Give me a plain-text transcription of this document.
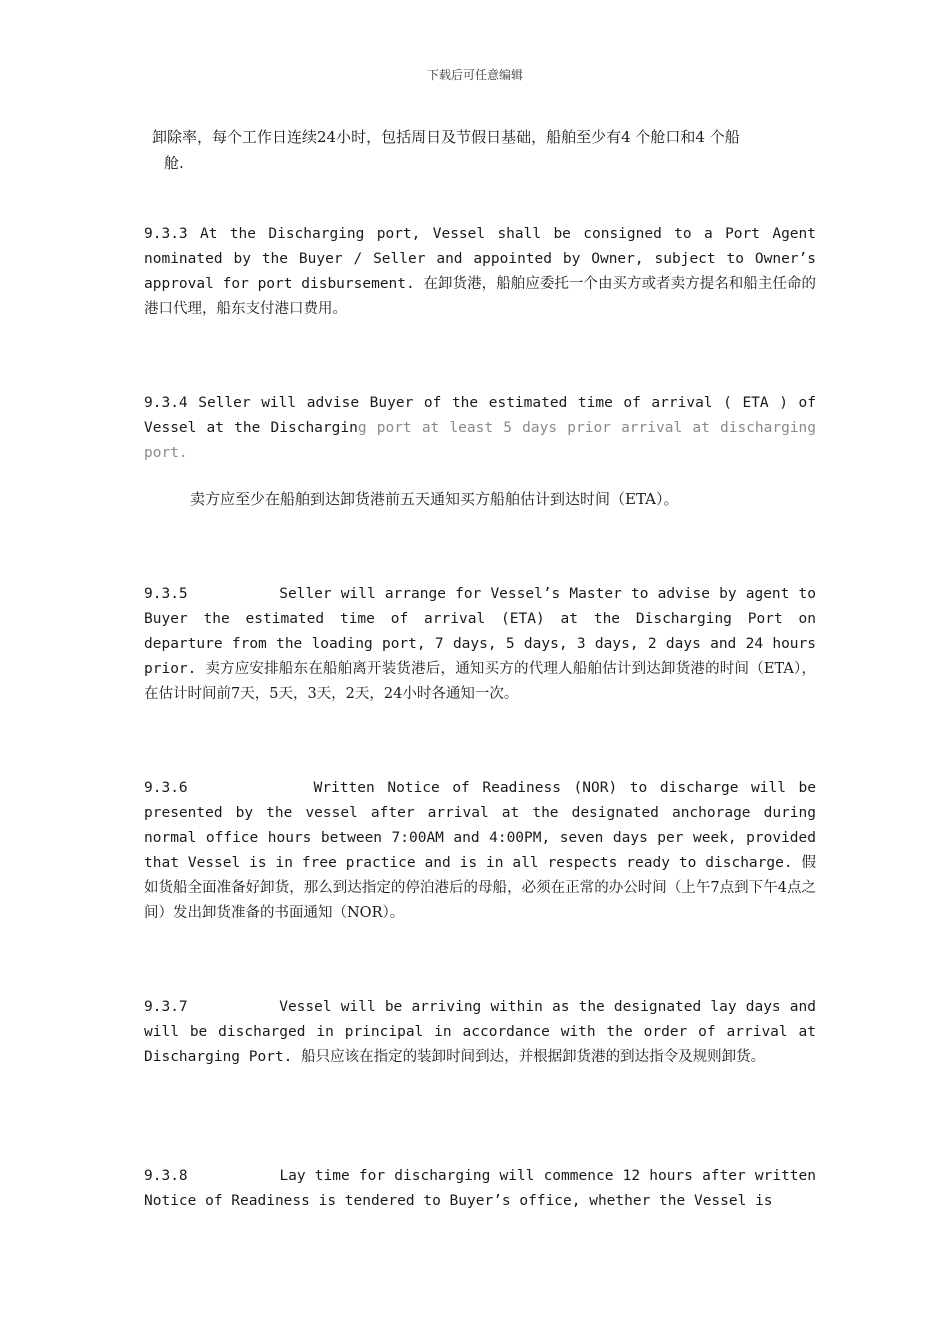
下载后可任意编辑

卸除率，每个工作日连续24小时，包括周日及节假日基础，船舶至少有4 个舱口和4 个船
舱.

9.3.3 At the Discharging port, Vessel shall be consigned to a Port Agent nominated by the Buyer / Seller and appointed by Owner, subject to Owner’s approval for port disbursement. 在卸货港，船舶应委托一个由买方或者卖方提名和船主任命的港口代理，船东支付港口费用。

9.3.4 Seller will advise Buyer of the estimated time of arrival ( ETA ) of Vessel at the Discharging port at least 5 days prior arrival at discharging port.

卖方应至少在船舶到达卸货港前五天通知买方船舶估计到达时间（ETA）。

9.3.5          Seller will arrange for Vessel’s Master to advise by agent to Buyer the estimated time of arrival (ETA) at the Discharging Port on departure from the loading port, 7 days, 5 days, 3 days, 2 days and 24 hours prior. 卖方应安排船东在船舶离开装货港后，通知买方的代理人船舶估计到达卸货港的时间（ETA），在估计时间前7天，5天，3天，2天，24小时各通知一次。

9.3.6          Written Notice of Readiness (NOR) to discharge will be presented by the vessel after arrival at the designated anchorage during normal office hours between 7:00AM and 4:00PM, seven days per week, provided that Vessel is in free practice and is in all respects ready to discharge. 假如货船全面准备好卸货，那么到达指定的停泊港后的母船，必须在正常的办公时间（上午7点到下午4点之间）发出卸货准备的书面通知（NOR）。

9.3.7          Vessel will be arriving within as the designated lay days and will be discharged in principal in accordance with the order of arrival at Discharging Port. 船只应该在指定的装卸时间到达，并根据卸货港的到达指令及规则卸货。

9.3.8          Lay time for discharging will commence 12 hours after written Notice of Readiness is tendered to Buyer’s office, whether the Vessel is
